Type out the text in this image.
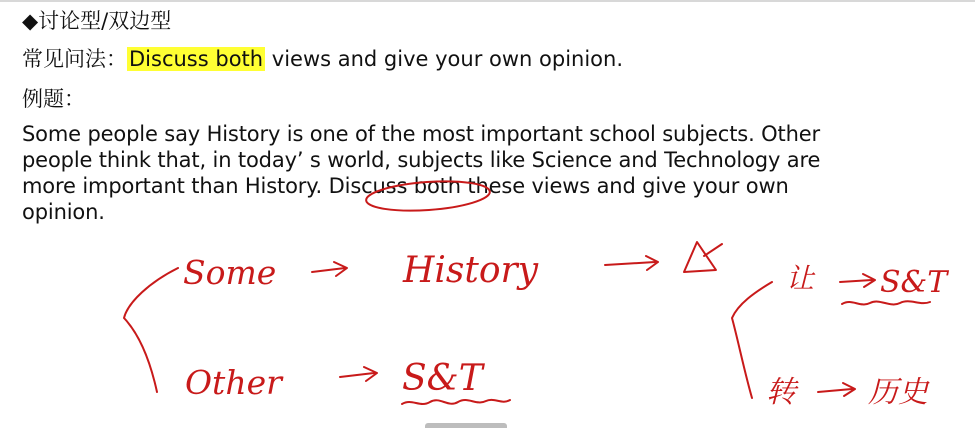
◆讨论型/双边型
常见问法：Discuss both views and give your own opinion.
例题：
Some people say History is one of the most important school subjects. Other
people think that, in today’ s world, subjects like Science and Technology are
more important than History. Discuss both these views and give your own
opinion.
Some	History
Other	S&T
让 S&T
转 历史
